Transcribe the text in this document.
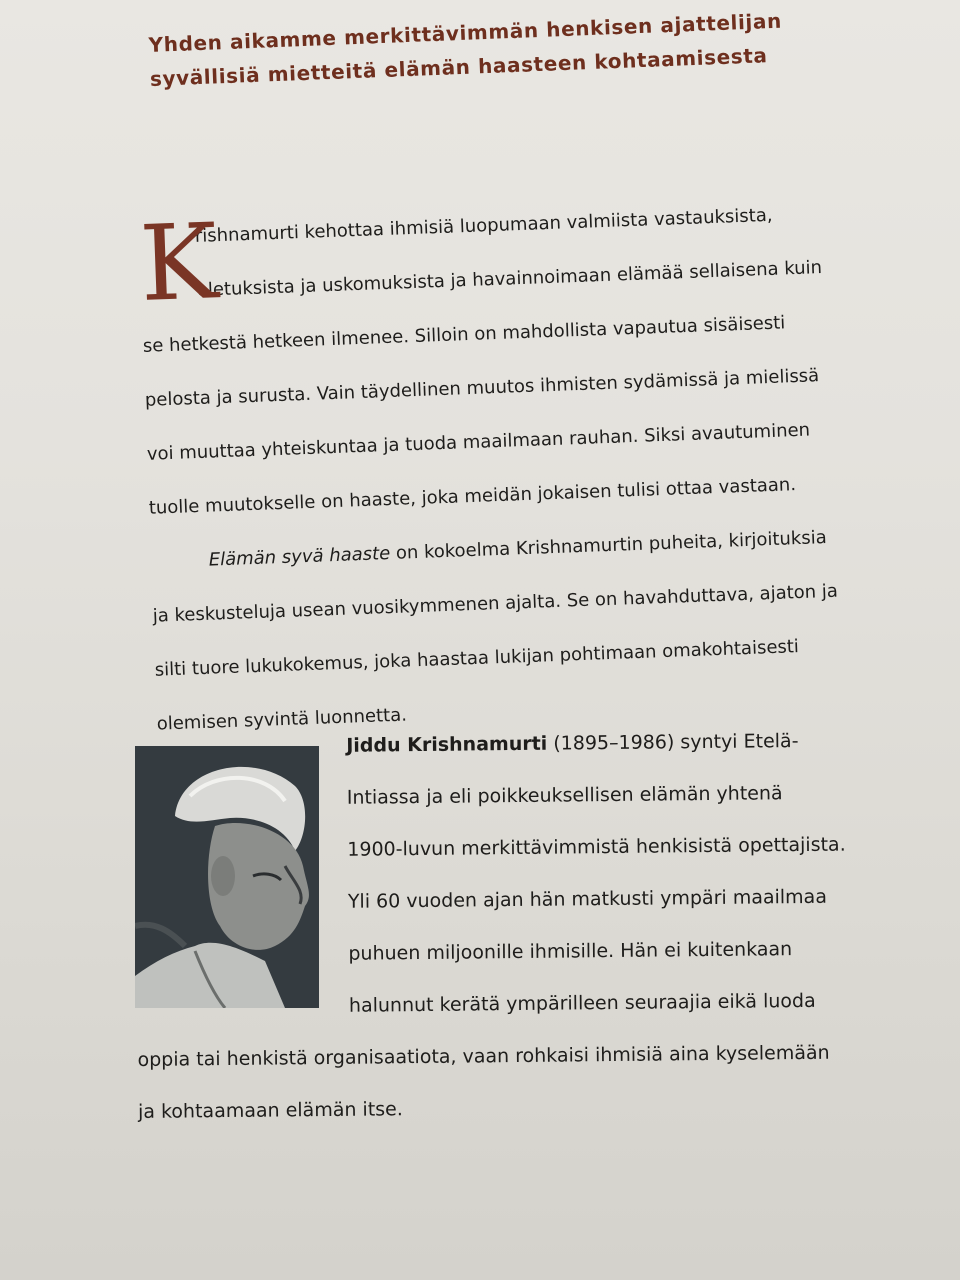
Yhden aikamme merkittävimmän henkisen ajattelijan
syvällisiä mietteitä elämän haasteen kohtaamisesta
K
rishnamurti kehottaa ihmisiä luopumaan valmiista vastauksista,
oletuksista ja uskomuksista ja havainnoimaan elämää sellaisena kuin
se hetkestä hetkeen ilmenee. Silloin on mahdollista vapautua sisäisesti
pelosta ja surusta. Vain täydellinen muutos ihmisten sydämissä ja mielissä
voi muuttaa yhteiskuntaa ja tuoda maailmaan rauhan. Siksi avautuminen
tuolle muutokselle on haaste, joka meidän jokaisen tulisi ottaa vastaan.
Elämän syvä haaste on kokoelma Krishnamurtin puheita, kirjoituksia
ja keskusteluja usean vuosikymmenen ajalta. Se on havahduttava, ajaton ja
silti tuore lukukokemus, joka haastaa lukijan pohtimaan omakohtaisesti
olemisen syvintä luonnetta.
Jiddu Krishnamurti (1895–1986) syntyi Etelä-
Intiassa ja eli poikkeuksellisen elämän yhtenä
1900-luvun merkittävimmistä henkisistä opettajista.
Yli 60 vuoden ajan hän matkusti ympäri maailmaa
puhuen miljoonille ihmisille. Hän ei kuitenkaan
halunnut kerätä ympärilleen seuraajia eikä luoda
oppia tai henkistä organisaatiota, vaan rohkaisi ihmisiä aina kyselemään
ja kohtaamaan elämän itse.
